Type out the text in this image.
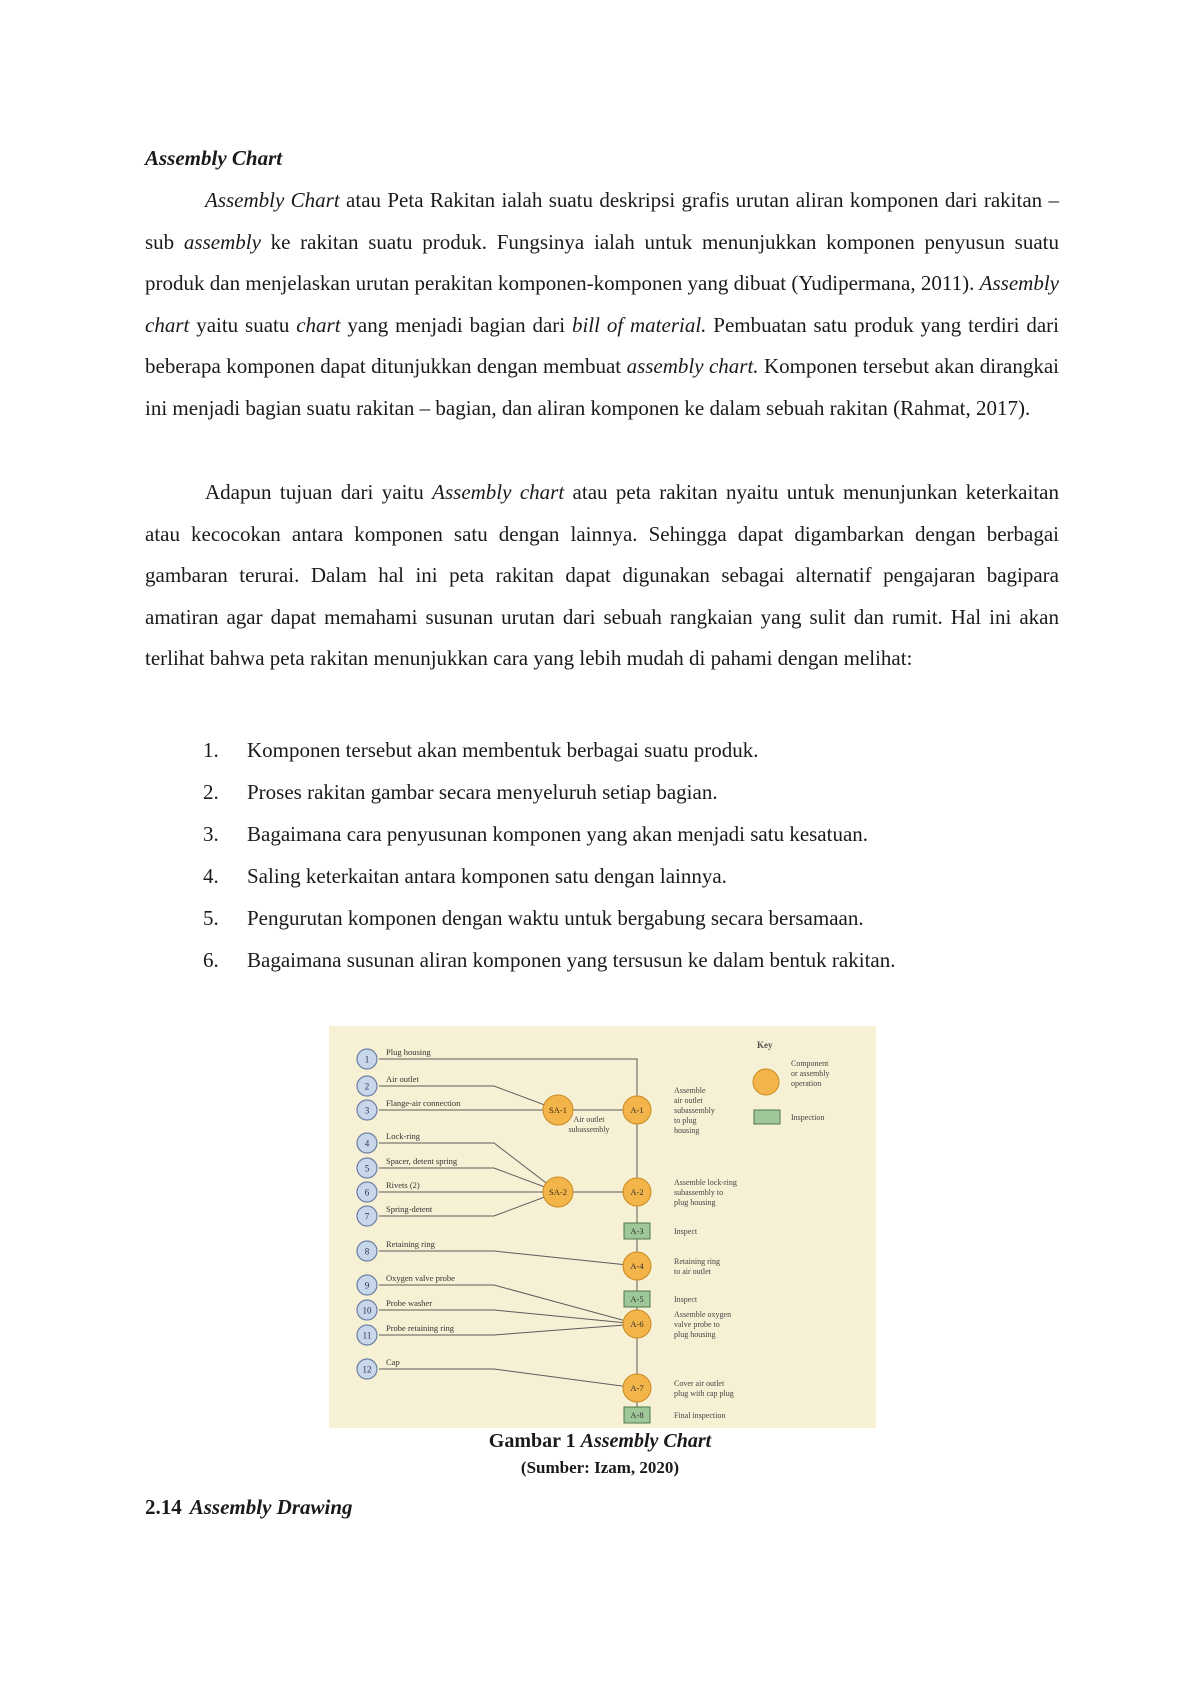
Assembly Chart

Assembly Chart atau Peta Rakitan ialah suatu deskripsi grafis urutan aliran komponen dari rakitan – sub assembly ke rakitan suatu produk. Fungsinya ialah untuk menunjukkan komponen penyusun suatu produk dan menjelaskan urutan perakitan komponen-komponen yang dibuat (Yudipermana, 2011). Assembly chart yaitu suatu chart yang menjadi bagian dari bill of material. Pembuatan satu produk yang terdiri dari beberapa komponen dapat ditunjukkan dengan membuat assembly chart. Komponen tersebut akan dirangkai ini menjadi bagian suatu rakitan – bagian, dan aliran komponen ke dalam sebuah rakitan (Rahmat, 2017).

Adapun tujuan dari yaitu Assembly chart atau peta rakitan nyaitu untuk menunjunkan keterkaitan atau kecocokan antara komponen satu dengan lainnya. Sehingga dapat digambarkan dengan berbagai gambaran terurai. Dalam hal ini peta rakitan dapat digunakan sebagai alternatif pengajaran bagipara amatiran agar dapat memahami susunan urutan dari sebuah rangkaian yang sulit dan rumit. Hal ini akan terlihat bahwa peta rakitan menunjukkan cara yang lebih mudah di pahami dengan melihat:

1. Komponen tersebut akan membentuk berbagai suatu produk.
2. Proses rakitan gambar secara menyeluruh setiap bagian.
3. Bagaimana cara penyusunan komponen yang akan menjadi satu kesatuan.
4. Saling keterkaitan antara komponen satu dengan lainnya.
5. Pengurutan komponen dengan waktu untuk bergabung secara bersamaan.
6. Bagaimana susunan aliran komponen yang tersusun ke dalam bentuk rakitan.
1
Plug housing
2
Air outlet
3
Flange-air connection
4
Lock-ring
5
Spacer, detent spring
6
Rivets (2)
7
Spring-detent
8
Retaining ring
9
Oxygen valve probe
10
Probe washer
11
Probe retaining ring
12
Cap
SA-1
Air outlet
subassembly
SA-2
A-1
Assemble
air outlet
subassembly
to plug
housing
A-2
Assemble lock-ring
subassembly to
plug housing
A-3	Inspect
A-4	Retaining ring
to air outlet
A-5	Inspect
A-6
Assemble oxygen
valve probe to
plug housing
A-7	Cover air outlet
plug with cap plug
A-8	Final inspection
Key
Component
or assembly
operation
Inspection
Gambar 1 Assembly Chart
(Sumber: Izam, 2020)
2.14 Assembly Drawing
